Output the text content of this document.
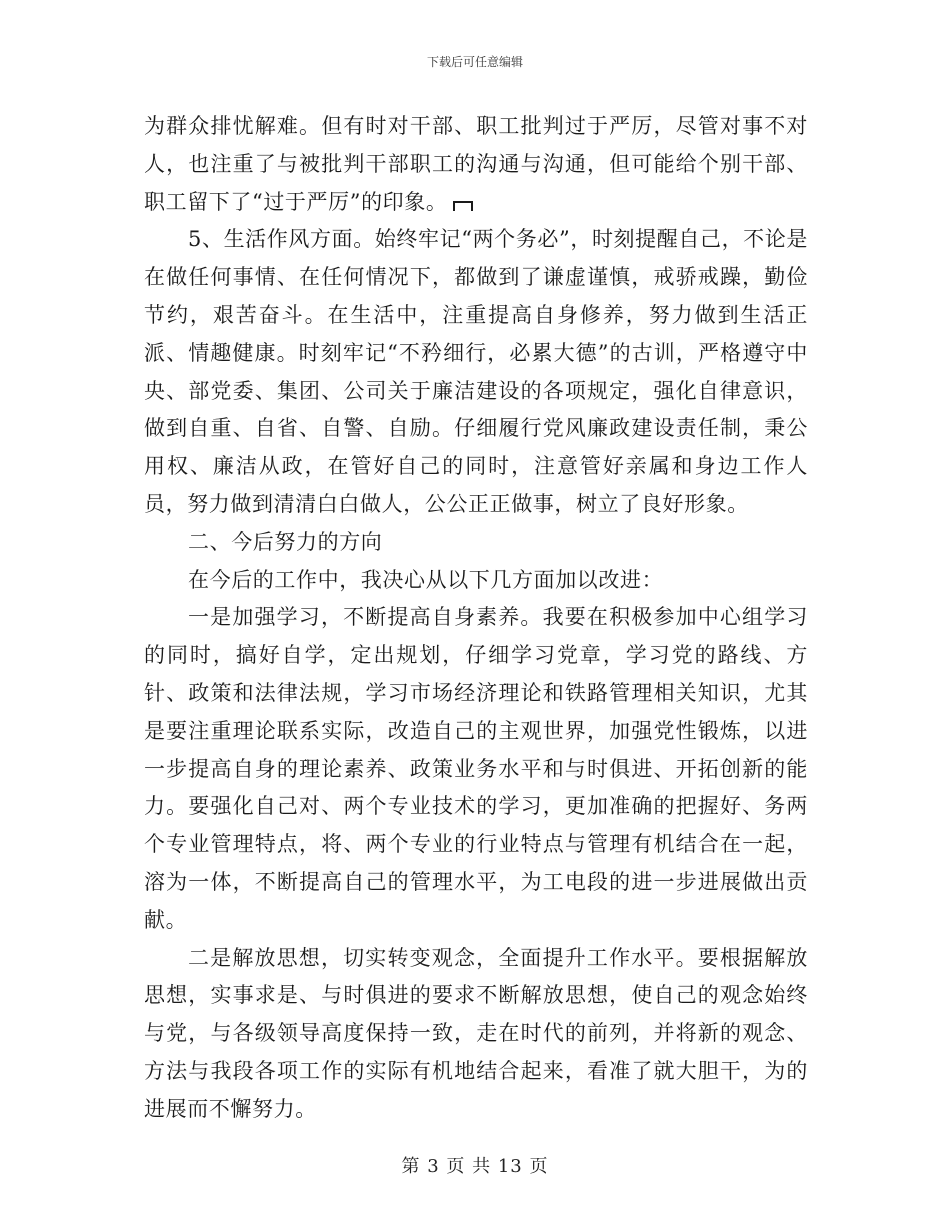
下载后可任意编辑

为群众排忧解难。但有时对干部、职工批判过于严厉，尽管对事不对人，也注重了与被批判干部职工的沟通与沟通，但可能给个别干部、职工留下了“过于严厉”的印象。

5、生活作风方面。始终牢记“两个务必”，时刻提醒自己，不论是在做任何事情、在任何情况下，都做到了谦虚谨慎，戒骄戒躁，勤俭节约，艰苦奋斗。在生活中，注重提高自身修养，努力做到生活正派、情趣健康。时刻牢记“不矜细行，必累大德”的古训，严格遵守中央、部党委、集团、公司关于廉洁建设的各项规定，强化自律意识，做到自重、自省、自警、自励。仔细履行党风廉政建设责任制，秉公用权、廉洁从政，在管好自己的同时，注意管好亲属和身边工作人员，努力做到清清白白做人，公公正正做事，树立了良好形象。

二、今后努力的方向

在今后的工作中，我决心从以下几方面加以改进：

一是加强学习，不断提高自身素养。我要在积极参加中心组学习的同时，搞好自学，定出规划，仔细学习党章，学习党的路线、方针、政策和法律法规，学习市场经济理论和铁路管理相关知识，尤其是要注重理论联系实际，改造自己的主观世界，加强党性锻炼，以进一步提高自身的理论素养、政策业务水平和与时俱进、开拓创新的能力。要强化自己对、两个专业技术的学习，更加准确的把握好、务两个专业管理特点，将、两个专业的行业特点与管理有机结合在一起，溶为一体，不断提高自己的管理水平，为工电段的进一步进展做出贡献。

二是解放思想，切实转变观念，全面提升工作水平。要根据解放思想，实事求是、与时俱进的要求不断解放思想，使自己的观念始终与党，与各级领导高度保持一致，走在时代的前列，并将新的观念、方法与我段各项工作的实际有机地结合起来，看准了就大胆干，为的进展而不懈努力。

第 3 页 共 13 页
